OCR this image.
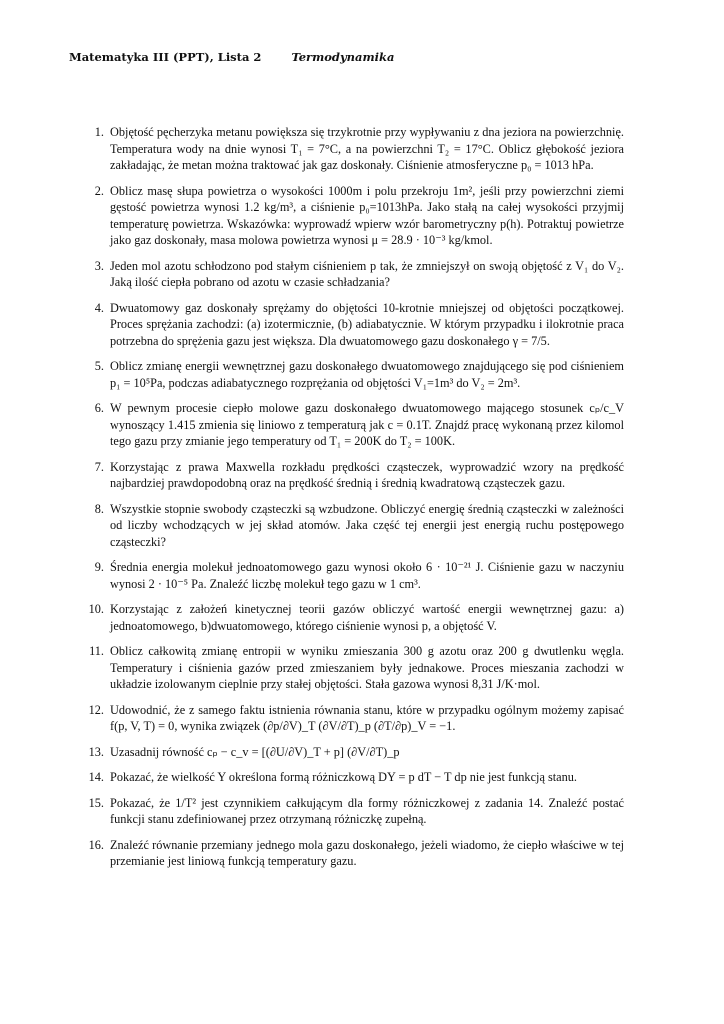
Matematyka III (PPT), Lista 2	Termodynamika
1. Objętość pęcherzyka metanu powiększa się trzykrotnie przy wypływaniu z dna jeziora na powierzchnię. Temperatura wody na dnie wynosi T₁ = 7°C, a na powierzchni T₂ = 17°C. Oblicz głębokość jeziora zakładając, że metan można traktować jak gaz doskonały. Ciśnienie atmosferyczne p₀ = 1013 hPa.
2. Oblicz masę słupa powietrza o wysokości 1000m i polu przekroju 1m², jeśli przy powierzchni ziemi gęstość powietrza wynosi 1.2 kg/m³, a ciśnienie p₀=1013hPa. Jako stałą na całej wysokości przyjmij temperaturę powietrza. Wskazówka: wyprowadź wpierw wzór barometryczny p(h). Potraktuj powietrze jako gaz doskonały, masa molowa powietrza wynosi μ = 28.9 · 10⁻³ kg/kmol.
3. Jeden mol azotu schłodzono pod stałym ciśnieniem p tak, że zmniejszył on swoją objętość z V₁ do V₂. Jaką ilość ciepła pobrano od azotu w czasie schładzania?
4. Dwuatomowy gaz doskonały sprężamy do objętości 10-krotnie mniejszej od objętości początkowej. Proces sprężania zachodzi: (a) izotermicznie, (b) adiabatycznie. W którym przypadku i ilokrotnie praca potrzebna do sprężenia gazu jest większa. Dla dwuatomowego gazu doskonałego γ = 7/5.
5. Oblicz zmianę energii wewnętrznej gazu doskonałego dwuatomowego znajdującego się pod ciśnieniem p₁ = 10⁵Pa, podczas adiabatycznego rozprężania od objętości V₁=1m³ do V₂ = 2m³.
6. W pewnym procesie ciepło molowe gazu doskonałego dwuatomowego mającego stosunek cₚ/c_V wynoszący 1.415 zmienia się liniowo z temperaturą jak c = 0.1T. Znajdź pracę wykonaną przez kilomol tego gazu przy zmianie jego temperatury od T₁ = 200K do T₂ = 100K.
7. Korzystając z prawa Maxwella rozkładu prędkości cząsteczek, wyprowadzić wzory na prędkość najbardziej prawdopodobną oraz na prędkość średnią i średnią kwadratową cząsteczek gazu.
8. Wszystkie stopnie swobody cząsteczki są wzbudzone. Obliczyć energię średnią cząsteczki w zależności od liczby wchodzących w jej skład atomów. Jaka część tej energii jest energią ruchu postępowego cząsteczki?
9. Średnia energia molekuł jednoatomowego gazu wynosi około 6 · 10⁻²¹ J. Ciśnienie gazu w naczyniu wynosi 2 · 10⁻⁵ Pa. Znaleźć liczbę molekuł tego gazu w 1 cm³.
10. Korzystając z założeń kinetycznej teorii gazów obliczyć wartość energii wewnętrznej gazu: a) jednoatomowego, b)dwuatomowego, którego ciśnienie wynosi p, a objętość V.
11. Oblicz całkowitą zmianę entropii w wyniku zmieszania 300 g azotu oraz 200 g dwutlenku węgla. Temperatury i ciśnienia gazów przed zmieszaniem były jednakowe. Proces mieszania zachodzi w układzie izolowanym cieplnie przy stałej objętości. Stała gazowa wynosi 8,31 J/K·mol.
12. Udowodnić, że z samego faktu istnienia równania stanu, które w przypadku ogólnym możemy zapisać f(p, V, T) = 0, wynika związek (∂p/∂V)_T (∂V/∂T)_p (∂T/∂p)_V = −1.
13. Uzasadnij równość cₚ − c_v = [(∂U/∂V)_T + p] (∂V/∂T)_p
14. Pokazać, że wielkość Y określona formą różniczkową DY = p dT − T dp nie jest funkcją stanu.
15. Pokazać, że 1/T² jest czynnikiem całkującym dla formy różniczkowej z zadania 14. Znaleźć postać funkcji stanu zdefiniowanej przez otrzymaną różniczkę zupełną.
16. Znaleźć równanie przemiany jednego mola gazu doskonałego, jeżeli wiadomo, że ciepło właściwe w tej przemianie jest liniową funkcją temperatury gazu.
